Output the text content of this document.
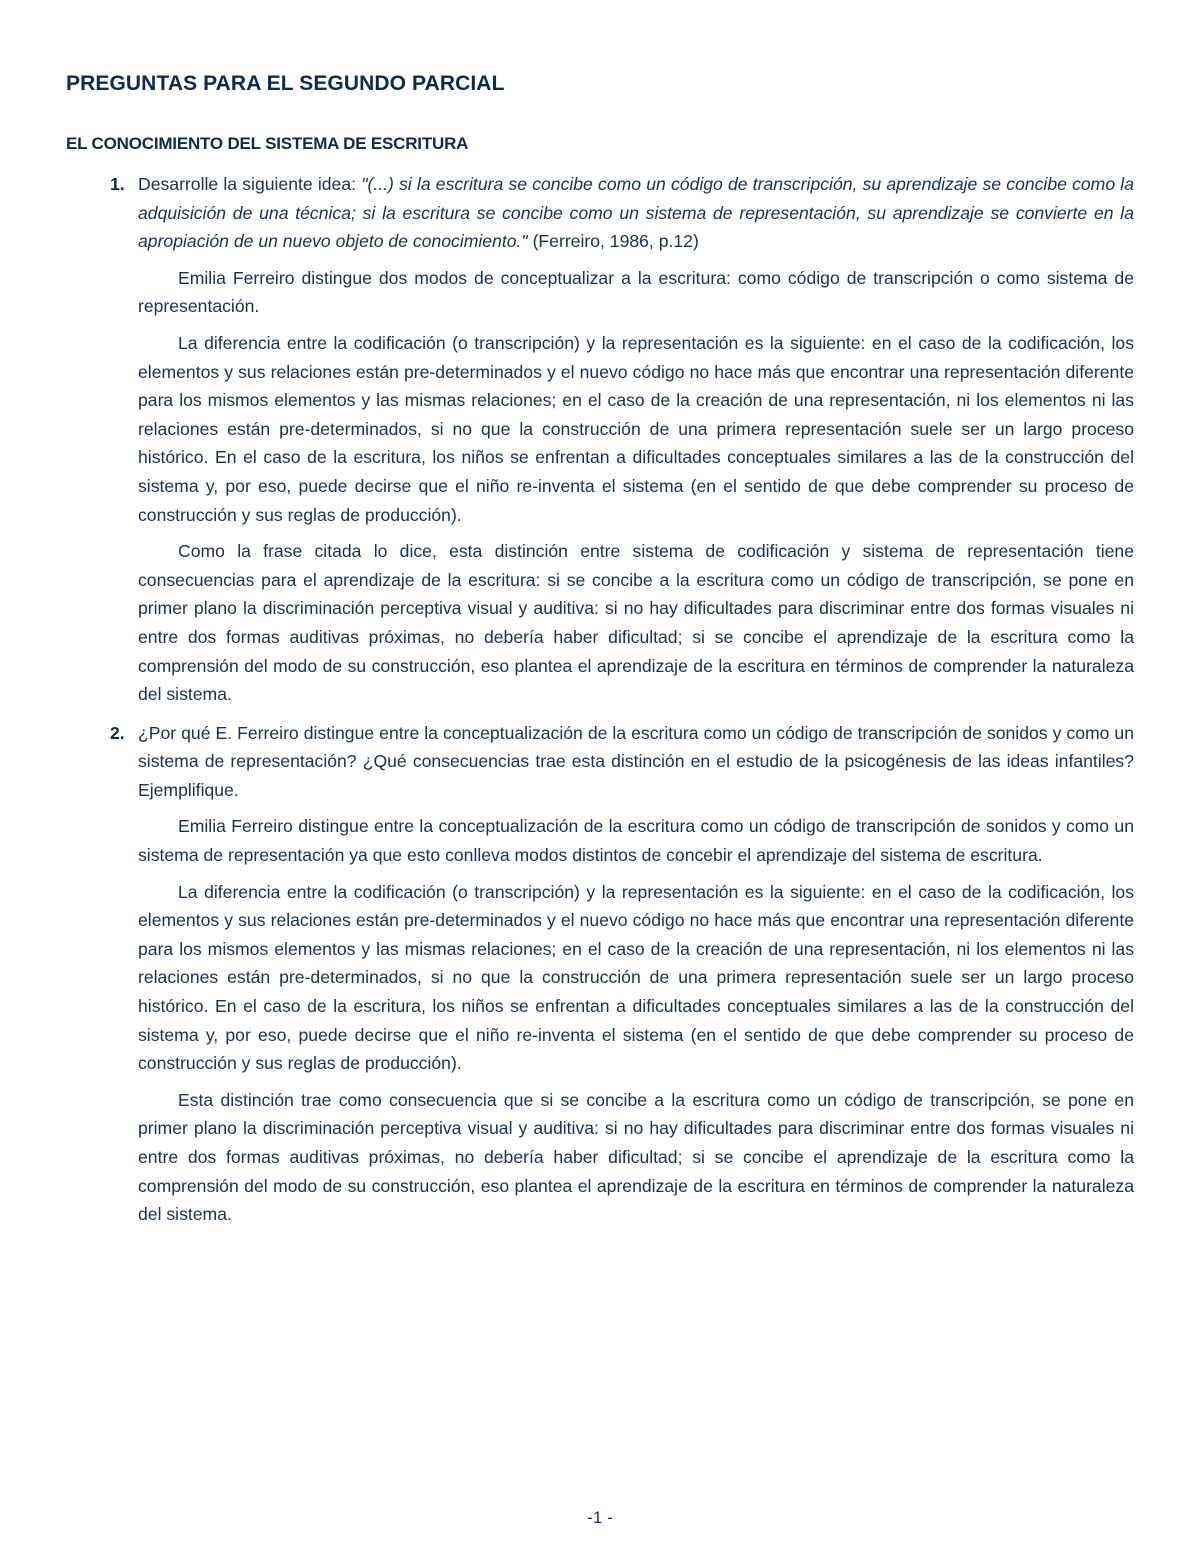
PREGUNTAS PARA EL SEGUNDO PARCIAL
EL CONOCIMIENTO DEL SISTEMA DE ESCRITURA
1. Desarrolle la siguiente idea: "(...) si la escritura se concibe como un código de transcripción, su aprendizaje se concibe como la adquisición de una técnica; si la escritura se concibe como un sistema de representación, su aprendizaje se convierte en la apropiación de un nuevo objeto de conocimiento." (Ferreiro, 1986, p.12)

Emilia Ferreiro distingue dos modos de conceptualizar a la escritura: como código de transcripción o como sistema de representación.

La diferencia entre la codificación (o transcripción) y la representación es la siguiente: en el caso de la codificación, los elementos y sus relaciones están pre-determinados y el nuevo código no hace más que encontrar una representación diferente para los mismos elementos y las mismas relaciones; en el caso de la creación de una representación, ni los elementos ni las relaciones están pre-determinados, si no que la construcción de una primera representación suele ser un largo proceso histórico. En el caso de la escritura, los niños se enfrentan a dificultades conceptuales similares a las de la construcción del sistema y, por eso, puede decirse que el niño re-inventa el sistema (en el sentido de que debe comprender su proceso de construcción y sus reglas de producción).

Como la frase citada lo dice, esta distinción entre sistema de codificación y sistema de representación tiene consecuencias para el aprendizaje de la escritura: si se concibe a la escritura como un código de transcripción, se pone en primer plano la discriminación perceptiva visual y auditiva: si no hay dificultades para discriminar entre dos formas visuales ni entre dos formas auditivas próximas, no debería haber dificultad; si se concibe el aprendizaje de la escritura como la comprensión del modo de su construcción, eso plantea el aprendizaje de la escritura en términos de comprender la naturaleza del sistema.

2. ¿Por qué E. Ferreiro distingue entre la conceptualización de la escritura como un código de transcripción de sonidos y como un sistema de representación? ¿Qué consecuencias trae esta distinción en el estudio de la psicogénesis de las ideas infantiles? Ejemplifique.

Emilia Ferreiro distingue entre la conceptualización de la escritura como un código de transcripción de sonidos y como un sistema de representación ya que esto conlleva modos distintos de concebir el aprendizaje del sistema de escritura.

La diferencia entre la codificación (o transcripción) y la representación es la siguiente: en el caso de la codificación, los elementos y sus relaciones están pre-determinados y el nuevo código no hace más que encontrar una representación diferente para los mismos elementos y las mismas relaciones; en el caso de la creación de una representación, ni los elementos ni las relaciones están pre-determinados, si no que la construcción de una primera representación suele ser un largo proceso histórico. En el caso de la escritura, los niños se enfrentan a dificultades conceptuales similares a las de la construcción del sistema y, por eso, puede decirse que el niño re-inventa el sistema (en el sentido de que debe comprender su proceso de construcción y sus reglas de producción).

Esta distinción trae como consecuencia que si se concibe a la escritura como un código de transcripción, se pone en primer plano la discriminación perceptiva visual y auditiva: si no hay dificultades para discriminar entre dos formas visuales ni entre dos formas auditivas próximas, no debería haber dificultad; si se concibe el aprendizaje de la escritura como la comprensión del modo de su construcción, eso plantea el aprendizaje de la escritura en términos de comprender la naturaleza del sistema.

-1 -
